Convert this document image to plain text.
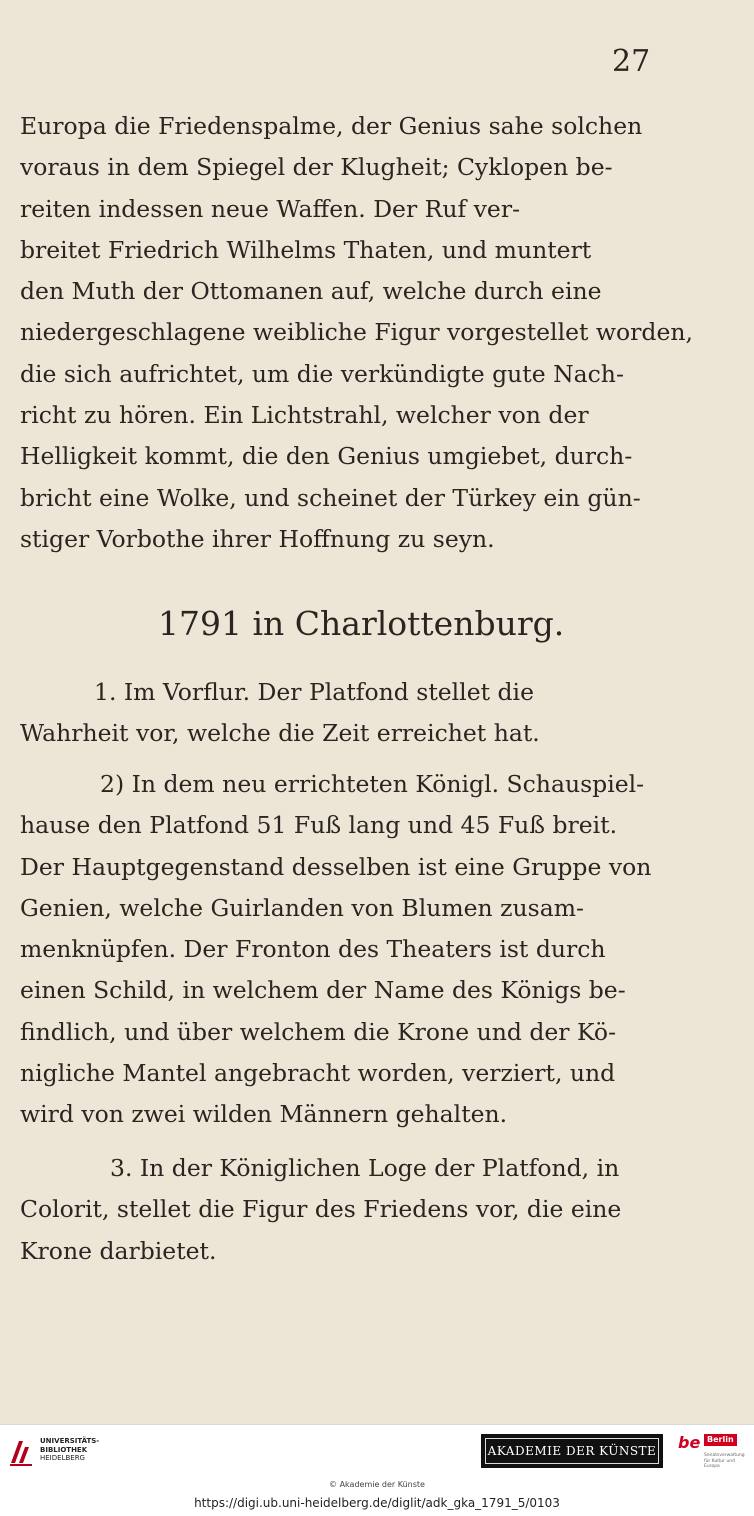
27
Europa die Friedenspalme, der Genius sahe solchen
voraus in dem Spiegel der Klugheit; Cyklopen be-
reiten indessen neue Waffen. Der Ruf ver-
breitet Friedrich Wilhelms Thaten, und muntert
den Muth der Ottomanen auf, welche durch eine
niedergeschlagene weibliche Figur vorgestellet worden,
die sich aufrichtet, um die verkündigte gute Nach-
richt zu hören. Ein Lichtstrahl, welcher von der
Helligkeit kommt, die den Genius umgiebet, durch-
bricht eine Wolke, und scheinet der Türkey ein gün-
stiger Vorbothe ihrer Hoffnung zu seyn.
1791 in Charlottenburg.
1. Im Vorflur. Der Platfond stellet die
Wahrheit vor, welche die Zeit erreichet hat.
2) In dem neu errichteten Königl. Schauspiel-
hause den Platfond 51 Fuß lang und 45 Fuß breit.
Der Hauptgegenstand desselben ist eine Gruppe von
Genien, welche Guirlanden von Blumen zusam-
menknüpfen. Der Fronton des Theaters ist durch
einen Schild, in welchem der Name des Königs be-
findlich, und über welchem die Krone und der Kö-
nigliche Mantel angebracht worden, verziert, und
wird von zwei wilden Männern gehalten.
3. In der Königlichen Loge der Platfond, in
Colorit, stellet die Figur des Friedens vor, die eine
Krone darbietet.
UNIVERSITÄTS-
BIBLIOTHEK
HEIDELBERG	AKADEMIE DER KÜNSTE be Berlin
Senatsverwaltung für Kultur und Europa
© Akademie der Künste
https://digi.ub.uni-heidelberg.de/diglit/adk_gka_1791_5/0103
